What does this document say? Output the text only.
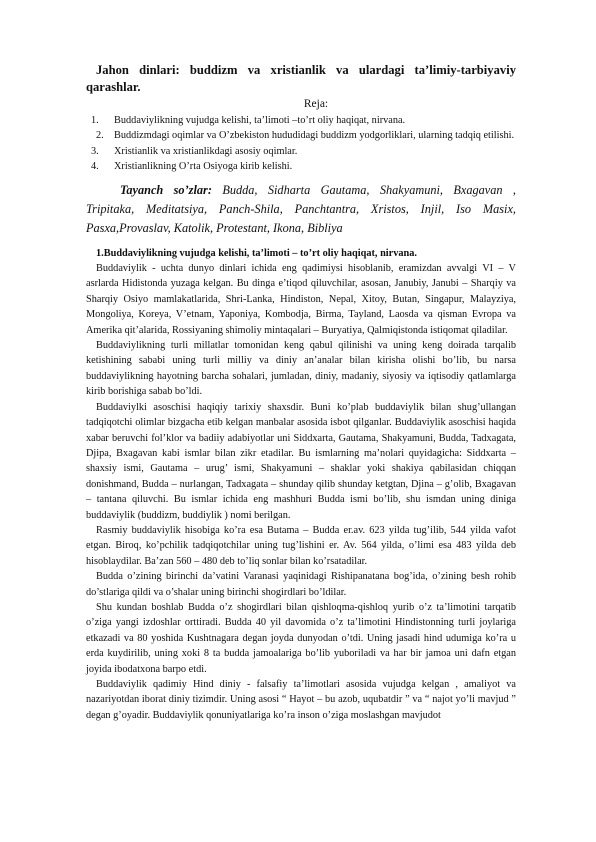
Jahon dinlari: buddizm va xristianlik va ulardagi ta’limiy-tarbiyaviy qarashlar.

Reja:

1. Buddaviylikning vujudga kelishi, ta’limoti –to’rt oliy haqiqat, nirvana.

2. Buddizmdagi oqimlar va O’zbekiston hududidagi buddizm yodgorliklari, ularning tadqiq etilishi.

3. Xristianlik va xristianlikdagi asosiy oqimlar.

4. Xristianlikning O’rta Osiyoga kirib kelishi.

Tayanch so’zlar: Budda, Sidharta Gautama, Shakyamuni, Bxagavan , Tripitaka, Meditatsiya, Panch-Shila, Panchtantra, Xristos, Injil, Iso Masix, Pasxa,Provaslav, Katolik, Protestant, Ikona, Bibliya

1.Buddaviylikning vujudga kelishi, ta’limoti – to’rt oliy haqiqat, nirvana.

Buddaviylik - uchta dunyo dinlari ichida eng qadimiysi hisoblanib, eramizdan avvalgi VI – V asrlarda Hidistonda yuzaga kelgan. Bu dinga e’tiqod qiluvchilar, asosan, Janubiy, Janubi – Sharqiy va Sharqiy Osiyo mamlakatlarida, Shri-Lanka, Hindiston, Nepal, Xitoy, Butan, Singapur, Malayziya, Mongoliya, Koreya, V’etnam, Yaponiya, Kombodja, Birma, Tayland, Laosda va qisman Evropa va Amerika qit’alarida, Rossiyaning shimoliy mintaqalari – Buryatiya, Qalmiqistonda istiqomat qiladilar.

Buddaviylikning turli millatlar tomonidan keng qabul qilinishi va uning keng doirada tarqalib ketishining sababi uning turli milliy va diniy an’analar bilan kirisha olishi bo’lib, bu narsa buddaviylikning hayotning barcha sohalari, jumladan, diniy, madaniy, siyosiy va iqtisodiy qatlamlarga kirib borishiga sabab bo’ldi.

Buddaviylki asoschisi haqiqiy tarixiy shaxsdir. Buni ko’plab buddaviylik bilan shug’ullangan tadqiqotchi olimlar bizgacha etib kelgan manbalar asosida isbot qilganlar. Buddaviylik asoschisi haqida xabar beruvchi fol’klor va badiiy adabiyotlar uni Siddxarta, Gautama, Shakyamuni, Budda, Tadxagata, Djipa, Bxagavan kabi ismlar bilan zikr etadilar. Bu ismlarning ma’nolari quyidagicha: Siddxarta – shaxsiy ismi, Gautama – urug’ ismi, Shakyamuni – shaklar yoki shakiya qabilasidan chiqqan donishmand, Budda – nurlangan, Tadxagata – shunday qilib shunday ketgtan, Djina – g’olib, Bxagavan – tantana qiluvchi. Bu ismlar ichida eng mashhuri Budda ismi bo’lib, shu ismdan uning diniga buddaviylik (buddizm, buddiylik ) nomi berilgan.

Rasmiy buddaviylik hisobiga ko’ra esa Butama – Budda er.av. 623 yilda tug’ilib, 544 yilda vafot etgan. Biroq, ko’pchilik tadqiqotchilar uning tug’lishini er. Av. 564 yilda, o’limi esa 483 yilda deb hisoblaydilar. Ba’zan 560 – 480 deb to’liq sonlar bilan ko’rsatadilar.

Budda o’zining birinchi da’vatini Varanasi yaqinidagi Rishipanatana bog’ida, o’zining besh rohib do’stlariga qildi va o’shalar uning birinchi shogirdlari bo’ldilar.

Shu kundan boshlab Budda o’z shogirdlari bilan qishloqma-qishloq yurib o’z ta’limotini tarqatib o’ziga yangi izdoshlar orttiradi. Budda 40 yil davomida o’z ta’limotini Hindistonning turli joylariga etkazadi va 80 yoshida Kushtnagara degan joyda dunyodan o’tdi. Uning jasadi hind udumiga ko’ra u erda kuydirilib, uning xoki 8 ta budda jamoalariga bo’lib yuboriladi va har bir jamoa uni dafn etgan joyida ibodatxona barpo etdi.

Buddaviylik qadimiy Hind diniy - falsafiy ta’limotlari asosida vujudga kelgan , amaliyot va nazariyotdan iborat diniy tizimdir. Uning asosi “ Hayot – bu azob, uqubatdir ” va “ najot yo’li mavjud ” degan g’oyadir. Buddaviylik qonuniyatlariga ko’ra inson o’ziga moslashgan mavjudot
